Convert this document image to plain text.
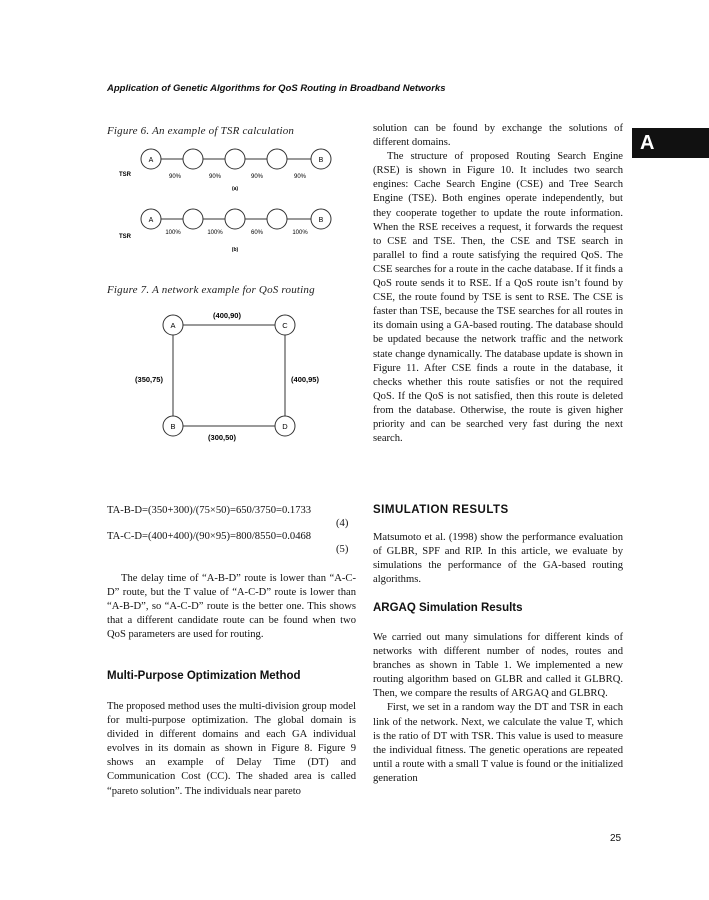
Application of Genetic Algorithms for QoS Routing in Broadband Networks
A
Figure 6. An example of TSR calculation
A	B
TSR	90%	90%	90%	90%
(a)
A	B
TSR
100%	100%	60%	100%
(b)
Figure 7. A network example for QoS routing
A	C
B	D
(400,90)
(350,75)	(400,95)
(300,50)

solution can be found by exchange the solutions of different domains.

The structure of proposed Routing Search Engine (RSE) is shown in Figure 10. It includes two search engines: Cache Search Engine (CSE) and Tree Search Engine (TSE). Both engines operate independently, but they cooperate together to update the route information. When the RSE receives a request, it forwards the request to CSE and TSE. Then, the CSE and TSE search in parallel to find a route satisfying the required QoS. The CSE searches for a route in the cache database. If it finds a QoS route sends it to RSE. If a QoS route isn’t found by CSE, the route found by TSE is sent to RSE. The CSE is faster than TSE, because the TSE searches for all routes in its domain using a GA-based routing. The database should be updated because the network traffic and the network state change dynamically. The database update is shown in Figure 11. After CSE finds a route in the database, it checks whether this route satisfies or not the required QoS. If the QoS is not satisfied, then this route is deleted from the database. Otherwise, the route is given higher priority and can be searched very fast during the next search.

TA-B-D=(350+300)/(75×50)=650/3750=0.1733
(4)
TA-C-D=(400+400)/(90×95)=800/8550=0.0468
(5)

The delay time of “A-B-D” route is lower than “A-C-D” route, but the T value of “A-C-D” route is lower than “A-B-D”, so “A-C-D” route is the better one. This shows that a different candidate route can be found when two QoS parameters are used for routing.

Multi-Purpose Optimization Method

The proposed method uses the multi-division group model for multi-purpose optimization. The global domain is divided in different domains and each GA individual evolves in its domain as shown in Figure 8. Figure 9 shows an example of Delay Time (DT) and Communication Cost (CC). The shaded area is called “pareto solution”. The individuals near pareto

SIMULATION RESULTS

Matsumoto et al. (1998) show the performance evaluation of GLBR, SPF and RIP. In this article, we evaluate by simulations the performance of the GA-based routing algorithms.

ARGAQ Simulation Results

We carried out many simulations for different kinds of networks with different number of nodes, routes and branches as shown in Table 1. We implemented a new routing algorithm based on GLBR and called it GLBRQ. Then, we compare the results of ARGAQ and GLBRQ.

First, we set in a random way the DT and TSR in each link of the network. Next, we calculate the value T, which is the ratio of DT with TSR. This value is used to measure the individual fitness. The genetic operations are repeated until a route with a small T value is found or the initialized generation

25
